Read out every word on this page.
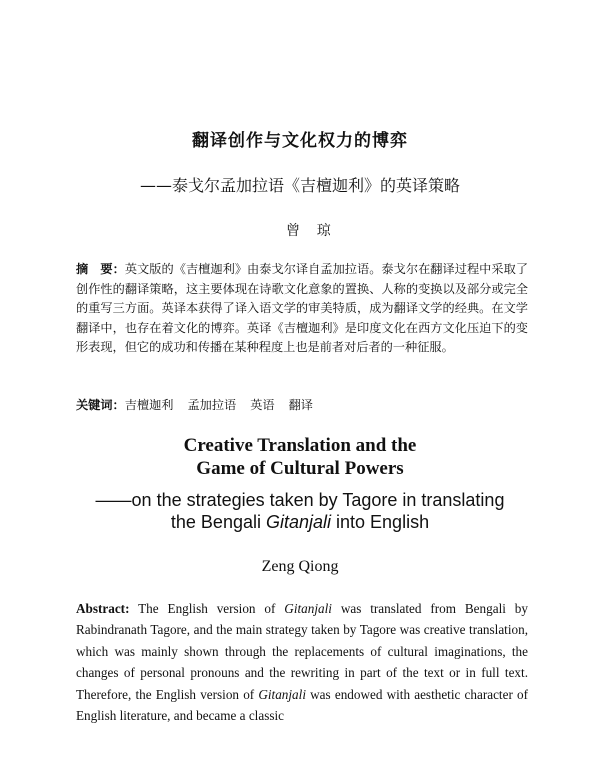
翻译创作与文化权力的博弈
——泰戈尔孟加拉语《吉檀迦利》的英译策略
曾琼
摘　要：英文版的《吉檀迦利》由泰戈尔译自孟加拉语。泰戈尔在翻译过程中采取了创作性的翻译策略，这主要体现在诗歌文化意象的置换、人称的变换以及部分或完全的重写三方面。英译本获得了译入语文学的审美特质，成为翻译文学的经典。在文学翻译中，也存在着文化的博弈。英译《吉檀迦利》是印度文化在西方文化压迫下的变形表现，但它的成功和传播在某种程度上也是前者对后者的一种征服。
关键词：吉檀迦利 孟加拉语 英语 翻译
Creative Translation and the
Game of Cultural Powers
——on the strategies taken by Tagore in translating
the Bengali Gitanjali into English
Zeng Qiong
Abstract: The English version of Gitanjali was translated from Bengali by Rabindranath Tagore, and the main strategy taken by Tagore was creative translation, which was mainly shown through the replacements of cultural imaginations, the changes of personal pronouns and the rewriting in part of the text or in full text. Therefore, the English version of Gitanjali was endowed with aesthetic character of English literature, and became a classic
